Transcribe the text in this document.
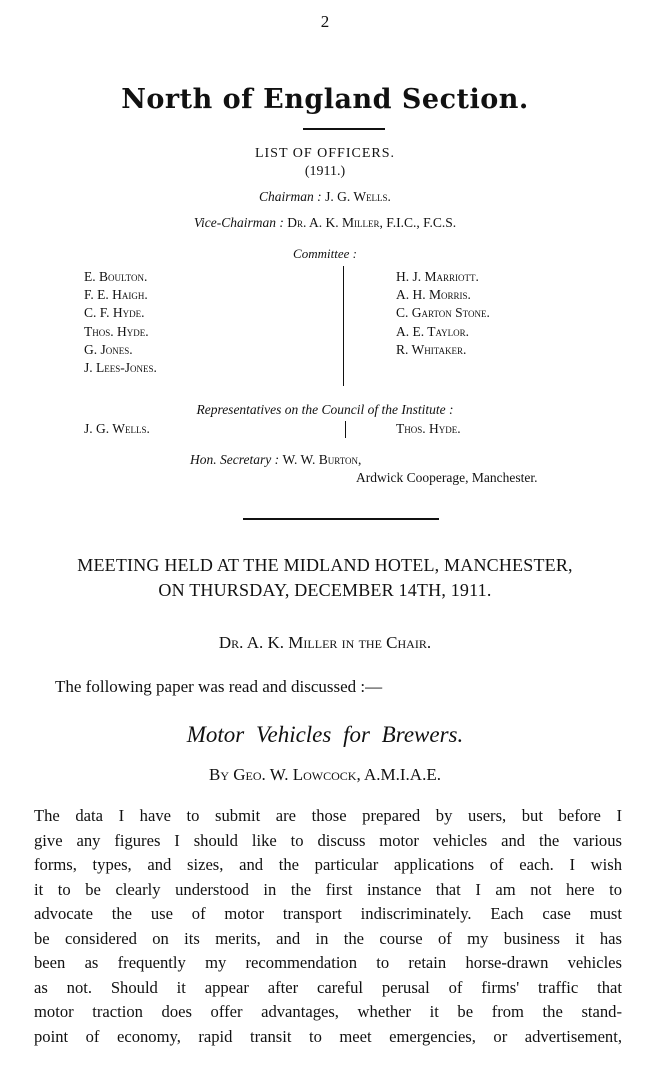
2
North of England Section.
LIST OF OFFICERS.
(1911.)
Chairman : J. G. Wells.
Vice-Chairman : Dr. A. K. Miller, F.I.C., F.C.S.
Committee :
E. Boulton.
F. E. Haigh.
C. F. Hyde.
Thos. Hyde.
G. Jones.
J. Lees-Jones.
H. J. Marriott.
A. H. Morris.
C. Garton Stone.
A. E. Taylor.
R. Whitaker.
Representatives on the Council of the Institute :
J. G. Wells.	Thos. Hyde.
Hon. Secretary : W. W. Burton,
Ardwick Cooperage, Manchester.
MEETING HELD AT THE MIDLAND HOTEL, MANCHESTER,
ON THURSDAY, DECEMBER 14TH, 1911.
Dr. A. K. Miller in the Chair.
The following paper was read and discussed :—
Motor Vehicles for Brewers.
By Geo. W. Lowcock, A.M.I.A.E.
The data I have to submit are those prepared by users, but before I
give any figures I should like to discuss motor vehicles and the various
forms, types, and sizes, and the particular applications of each. I wish
it to be clearly understood in the first instance that I am not here to
advocate the use of motor transport indiscriminately. Each case must
be considered on its merits, and in the course of my business it has
been as frequently my recommendation to retain horse-drawn vehicles
as not. Should it appear after careful perusal of firms' traffic that
motor traction does offer advantages, whether it be from the stand-
point of economy, rapid transit to meet emergencies, or advertisement,
